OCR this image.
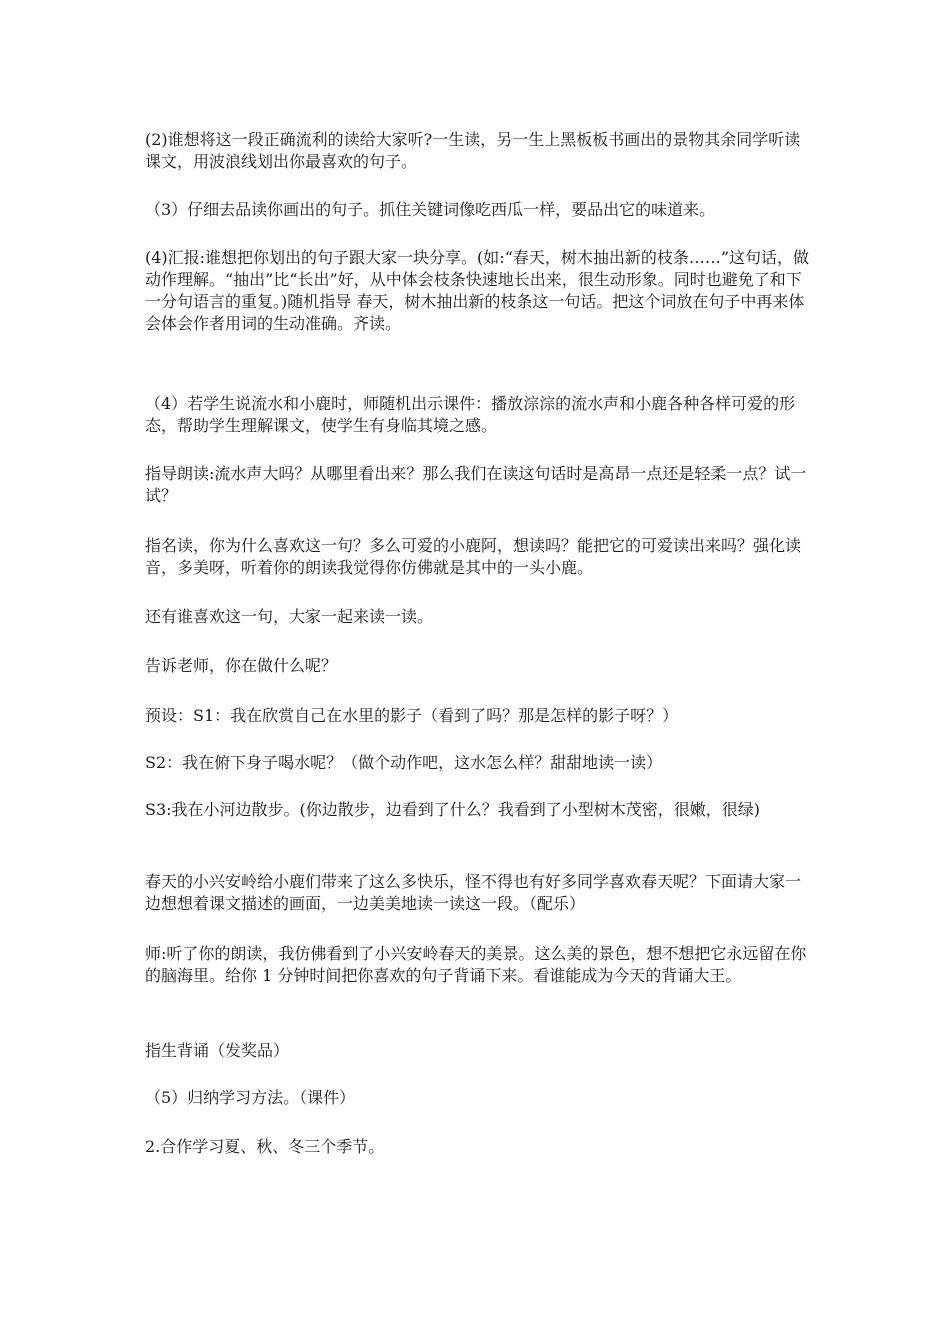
(2)谁想将这一段正确流利的读给大家听?一生读，另一生上黑板板书画出的景物其余同学听读课文，用波浪线划出你最喜欢的句子。

（3）仔细去品读你画出的句子。抓住关键词像吃西瓜一样，要品出它的味道来。

(4)汇报:谁想把你划出的句子跟大家一块分享。(如:“春天，树木抽出新的枝条……”这句话，做动作理解。“抽出”比“长出”好，从中体会枝条快速地长出来，很生动形象。同时也避免了和下一分句语言的重复。)随机指导 春天，树木抽出新的枝条这一句话。把这个词放在句子中再来体会体会作者用词的生动准确。齐读。

（4）若学生说流水和小鹿时，师随机出示课件：播放淙淙的流水声和小鹿各种各样可爱的形态，帮助学生理解课文，使学生有身临其境之感。

指导朗读:流水声大吗？从哪里看出来？那么我们在读这句话时是高昂一点还是轻柔一点？试一试？

指名读，你为什么喜欢这一句？多么可爱的小鹿阿，想读吗？能把它的可爱读出来吗？强化读音，多美呀，听着你的朗读我觉得你仿佛就是其中的一头小鹿。

还有谁喜欢这一句，大家一起来读一读。

告诉老师，你在做什么呢？

预设：S1：我在欣赏自己在水里的影子（看到了吗？那是怎样的影子呀？）

S2：我在俯下身子喝水呢？（做个动作吧，这水怎么样？甜甜地读一读）

S3:我在小河边散步。(你边散步，边看到了什么？我看到了小型树木茂密，很嫩，很绿)

春天的小兴安岭给小鹿们带来了这么多快乐，怪不得也有好多同学喜欢春天呢？下面请大家一边想想着课文描述的画面，一边美美地读一读这一段。（配乐）

师:听了你的朗读，我仿佛看到了小兴安岭春天的美景。这么美的景色，想不想把它永远留在你的脑海里。给你 1 分钟时间把你喜欢的句子背诵下来。看谁能成为今天的背诵大王。

指生背诵（发奖品）

（5）归纳学习方法。（课件）

2.合作学习夏、秋、冬三个季节。
